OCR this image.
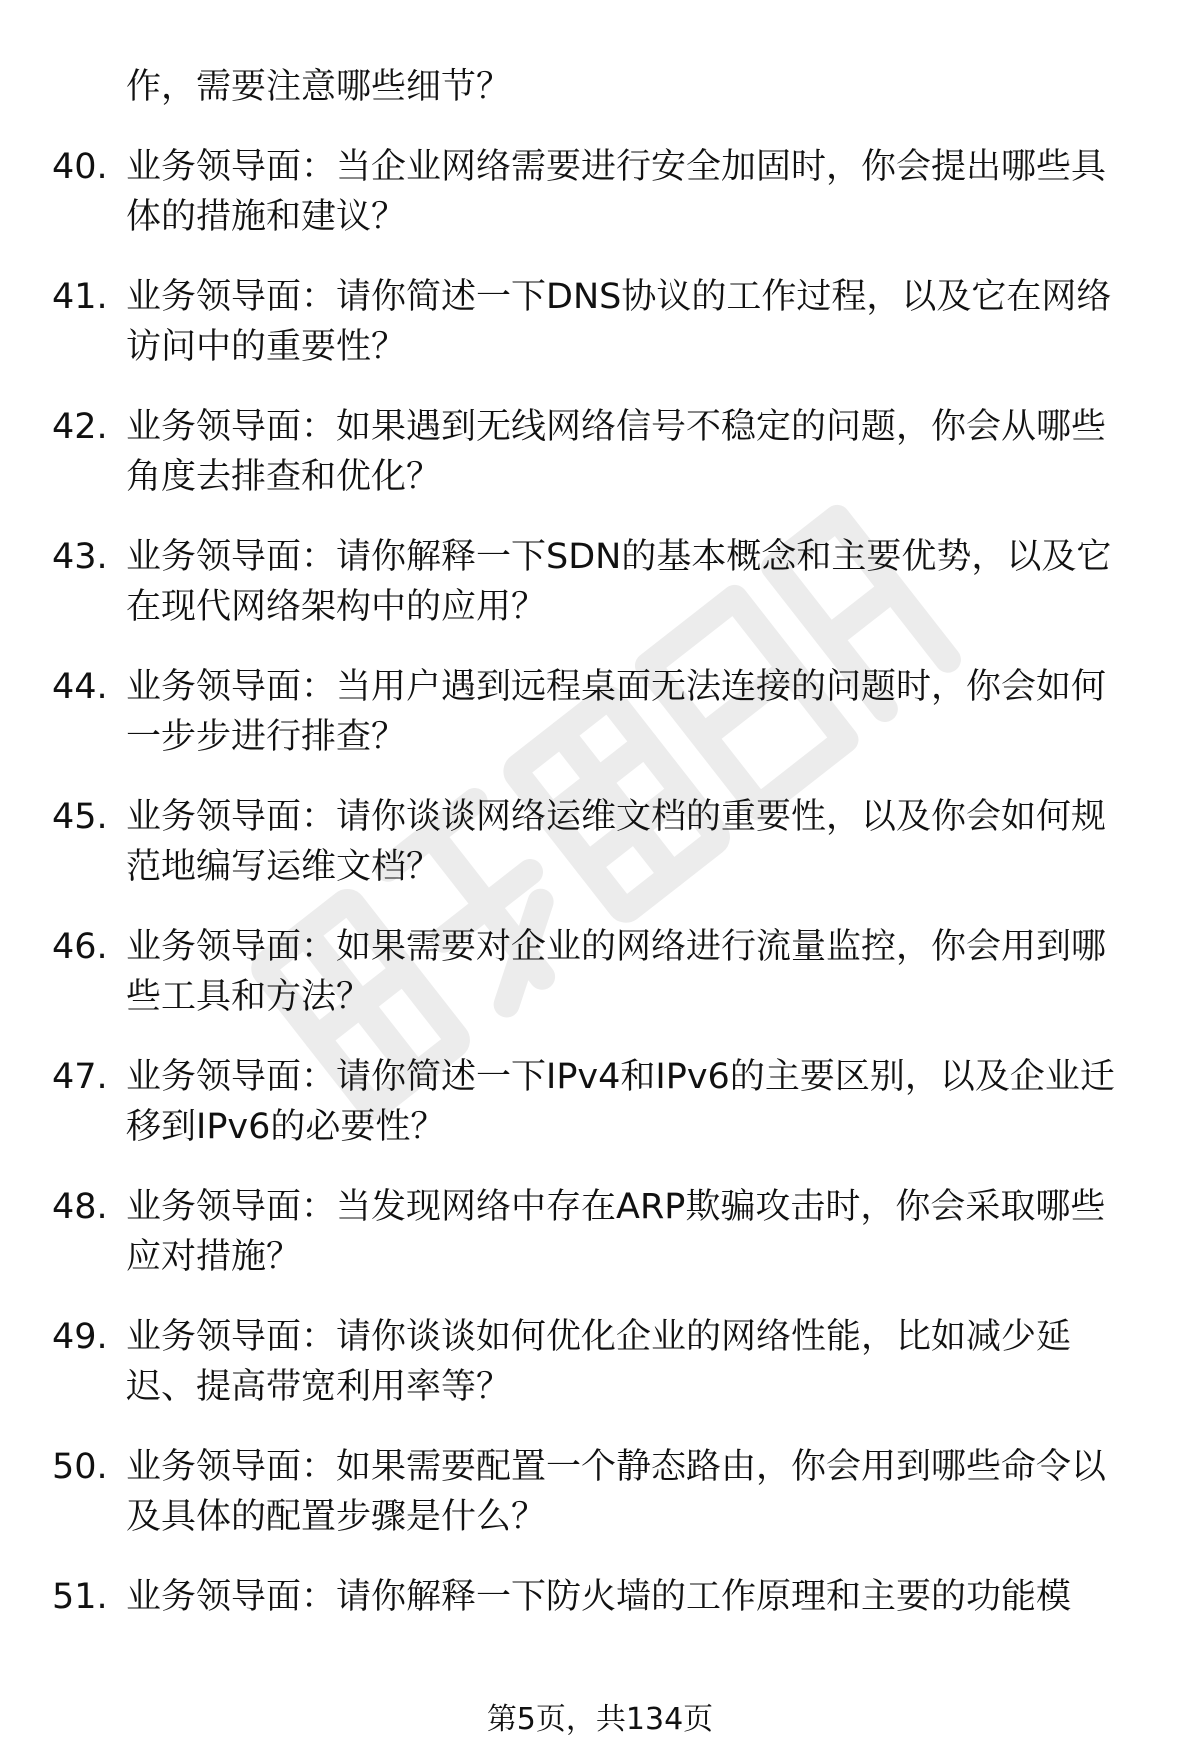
作，需要注意哪些细节？
40. 业务领导面：当企业网络需要进行安全加固时，你会提出哪些具
体的措施和建议？
41. 业务领导面：请你简述一下DNS协议的工作过程，以及它在网络
访问中的重要性？
42. 业务领导面：如果遇到无线网络信号不稳定的问题，你会从哪些
角度去排查和优化？
43. 业务领导面：请你解释一下SDN的基本概念和主要优势，以及它
在现代网络架构中的应用？
44. 业务领导面：当用户遇到远程桌面无法连接的问题时，你会如何
一步步进行排查？
45. 业务领导面：请你谈谈网络运维文档的重要性，以及你会如何规
范地编写运维文档？
46. 业务领导面：如果需要对企业的网络进行流量监控，你会用到哪
些工具和方法？
47. 业务领导面：请你简述一下IPv4和IPv6的主要区别，以及企业迁
移到IPv6的必要性？
48. 业务领导面：当发现网络中存在ARP欺骗攻击时，你会采取哪些
应对措施？
49. 业务领导面：请你谈谈如何优化企业的网络性能，比如减少延
迟、提高带宽利用率等？
50. 业务领导面：如果需要配置一个静态路由，你会用到哪些命令以
及具体的配置步骤是什么？
51. 业务领导面：请你解释一下防火墙的工作原理和主要的功能模
第5页，共134页
